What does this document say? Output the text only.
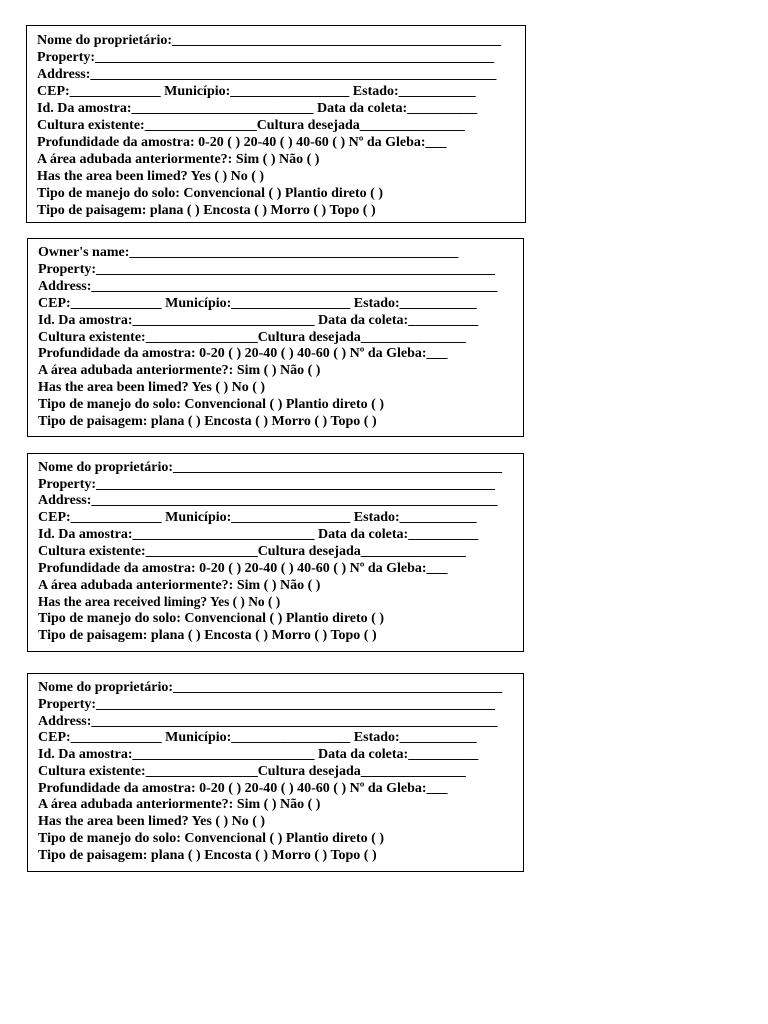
Nome do proprietário:_______________________________________________
Property:_________________________________________________________
Address:__________________________________________________________
CEP:_____________ Município:_________________ Estado:___________
Id. Da amostra:__________________________ Data da coleta:__________
Cultura existente:________________Cultura desejada_______________
Profundidade da amostra: 0-20 ( ) 20-40 ( ) 40-60 ( ) Nº da Gleba:___
A área adubada anteriormente?: Sim ( ) Não ( )
Has the area been limed? Yes ( ) No ( )
Tipo de manejo do solo: Convencional ( ) Plantio direto ( )
Tipo de paisagem: plana ( ) Encosta ( ) Morro ( ) Topo ( )
Owner's name:_______________________________________________
Property:_________________________________________________________
Address:__________________________________________________________
CEP:_____________ Município:_________________ Estado:___________
Id. Da amostra:__________________________ Data da coleta:__________
Cultura existente:________________Cultura desejada_______________
Profundidade da amostra: 0-20 ( ) 20-40 ( ) 40-60 ( ) Nº da Gleba:___
A área adubada anteriormente?: Sim ( ) Não ( )
Has the area been limed? Yes ( ) No ( )
Tipo de manejo do solo: Convencional ( ) Plantio direto ( )
Tipo de paisagem: plana ( ) Encosta ( ) Morro ( ) Topo ( )
Nome do proprietário:_______________________________________________
Property:_________________________________________________________
Address:__________________________________________________________
CEP:_____________ Município:_________________ Estado:___________
Id. Da amostra:__________________________ Data da coleta:__________
Cultura existente:________________Cultura desejada_______________
Profundidade da amostra: 0-20 ( ) 20-40 ( ) 40-60 ( ) Nº da Gleba:___
A área adubada anteriormente?: Sim ( ) Não ( )
Has the area received liming? Yes ( ) No ( )
Tipo de manejo do solo: Convencional ( ) Plantio direto ( )
Tipo de paisagem: plana ( ) Encosta ( ) Morro ( ) Topo ( )
Nome do proprietário:_______________________________________________
Property:_________________________________________________________
Address:__________________________________________________________
CEP:_____________ Município:_________________ Estado:___________
Id. Da amostra:__________________________ Data da coleta:__________
Cultura existente:________________Cultura desejada_______________
Profundidade da amostra: 0-20 ( ) 20-40 ( ) 40-60 ( ) Nº da Gleba:___
A área adubada anteriormente?: Sim ( ) Não ( )
Has the area been limed? Yes ( ) No ( )
Tipo de manejo do solo: Convencional ( ) Plantio direto ( )
Tipo de paisagem: plana ( ) Encosta ( ) Morro ( ) Topo ( )
